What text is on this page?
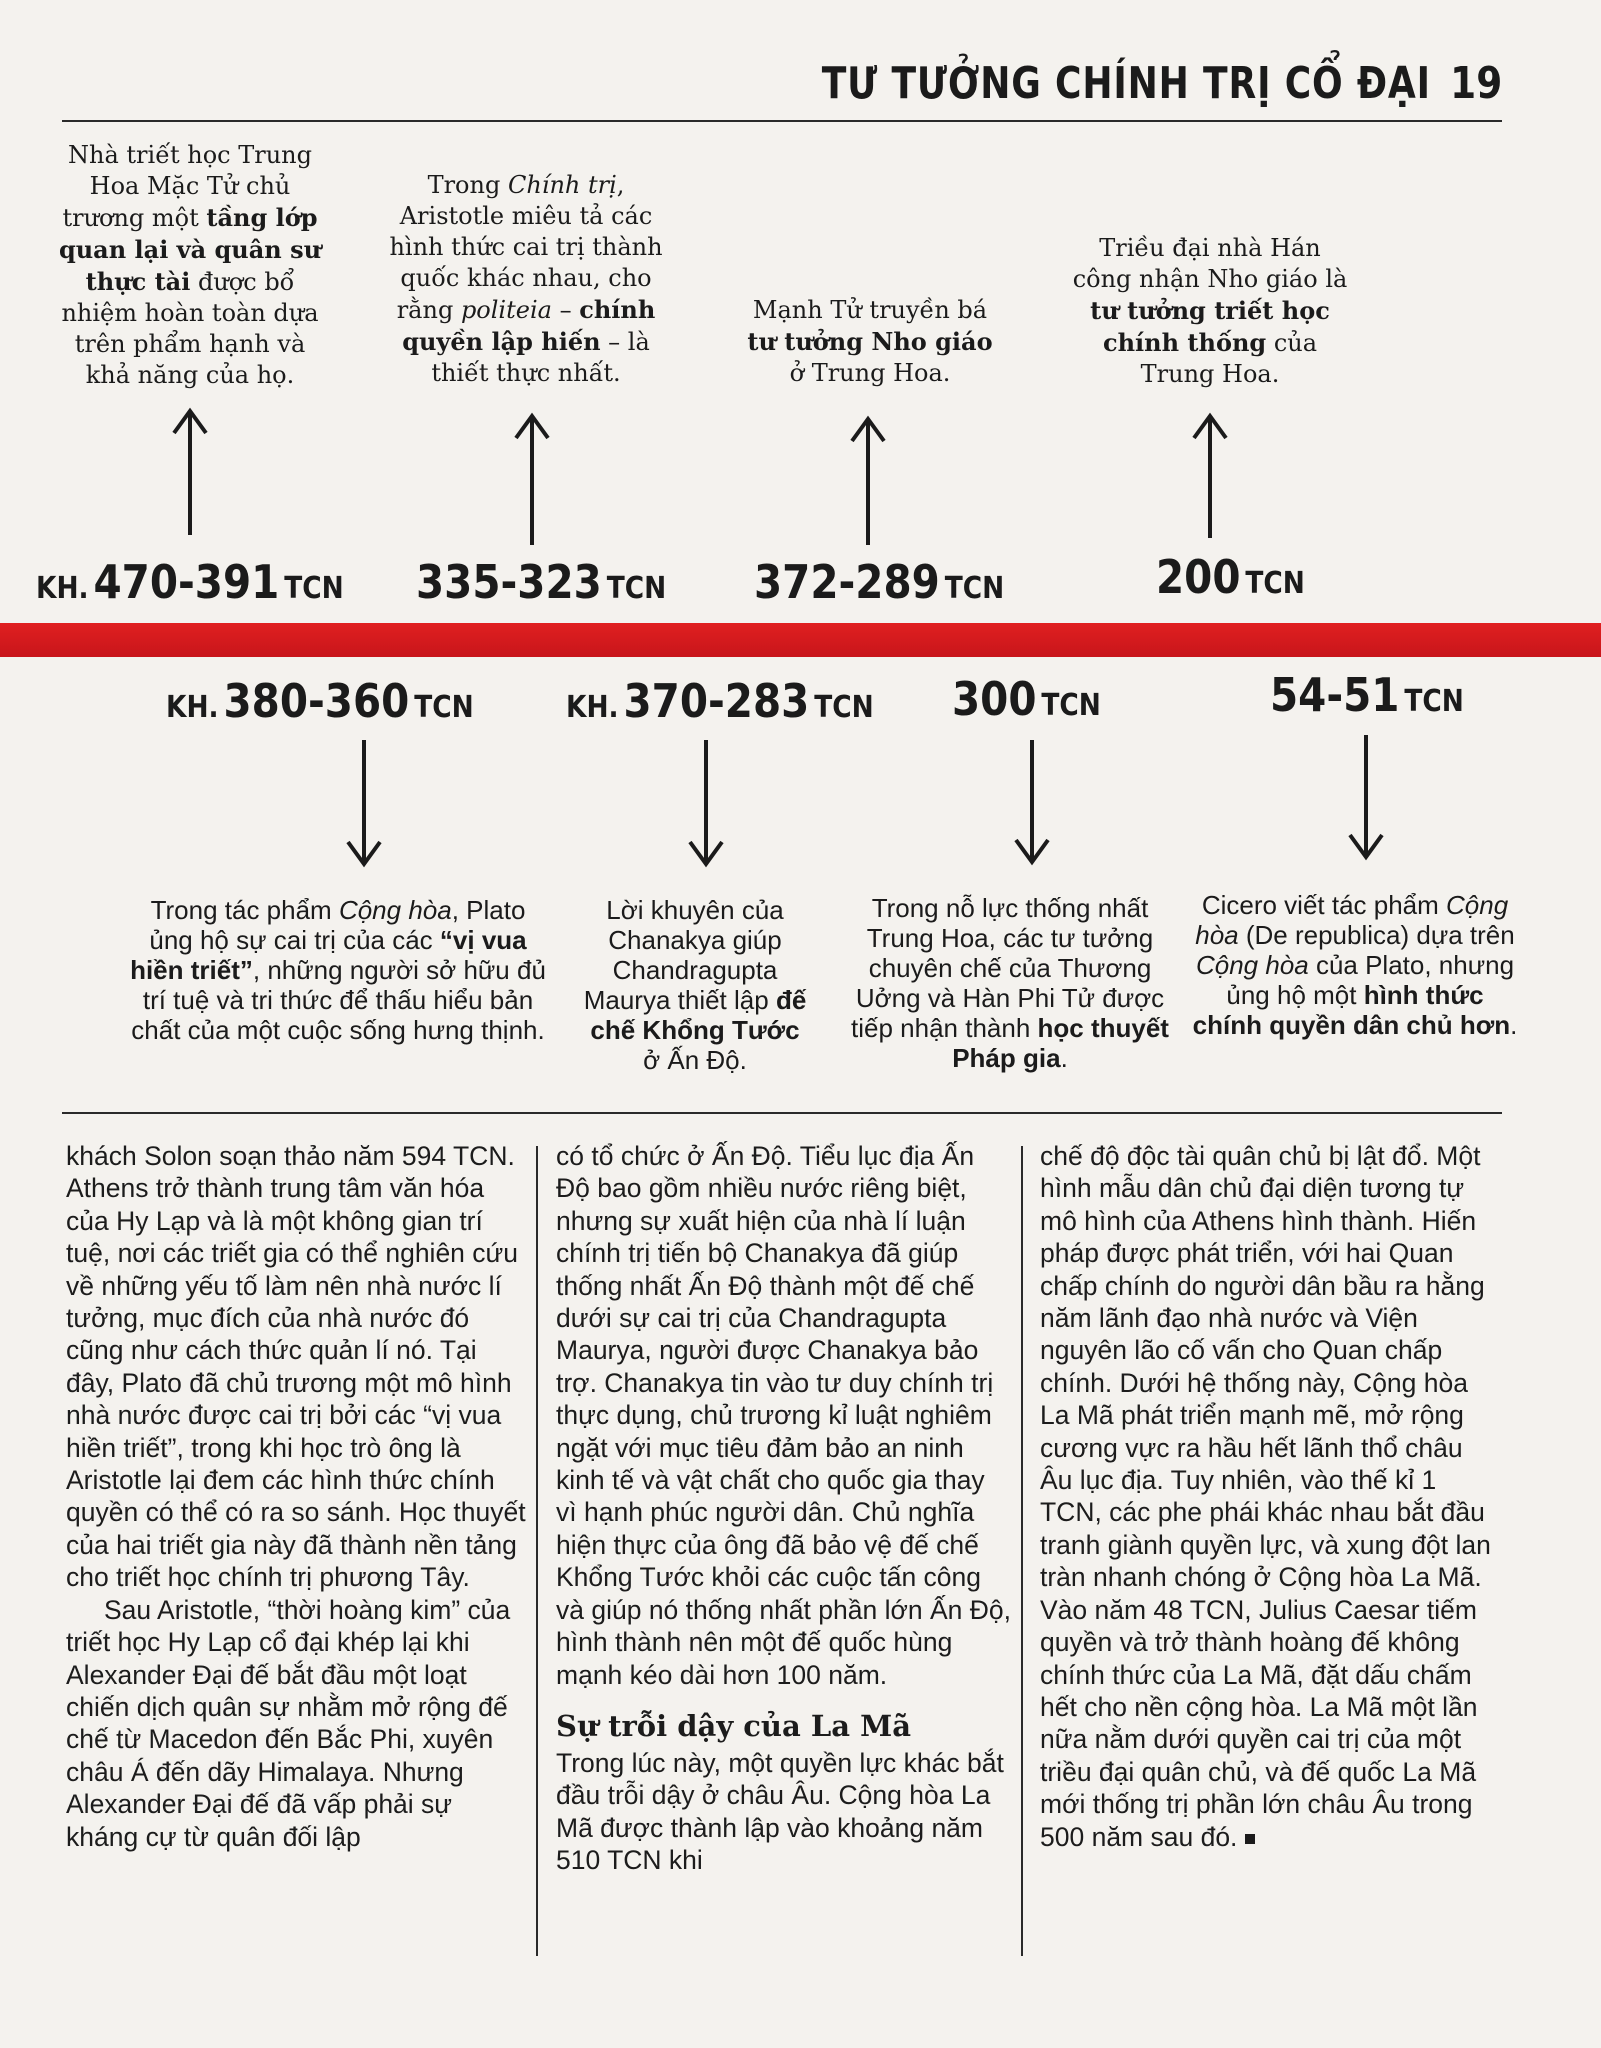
TƯ TƯỞNG CHÍNH TRỊ CỔ ĐẠI 19
Nhà triết học Trung Hoa Mặc Tử chủ trương một tầng lớp quan lại và quân sư thực tài được bổ nhiệm hoàn toàn dựa trên phẩm hạnh và khả năng của họ.
Trong Chính trị, Aristotle miêu tả các hình thức cai trị thành quốc khác nhau, cho rằng politeia – chính quyền lập hiến – là thiết thực nhất.
Mạnh Tử truyền bá tư tưởng Nho giáo ở Trung Hoa.
Triều đại nhà Hán công nhận Nho giáo là tư tưởng triết học chính thống của Trung Hoa.
KH. 470-391 TCN 335-323 TCN 372-289 TCN	200 TCN
KH. 380-360 TCN	KH. 370-283 TCN 300 TCN	54-51 TCN
Trong tác phẩm Cộng hòa, Plato ủng hộ sự cai trị của các “vị vua hiền triết”, những người sở hữu đủ trí tuệ và tri thức để thấu hiểu bản chất của một cuộc sống hưng thịnh.
Lời khuyên của Chanakya giúp Chandragupta Maurya thiết lập đế chế Khổng Tước ở Ấn Độ.
Trong nỗ lực thống nhất Trung Hoa, các tư tưởng chuyên chế của Thương Uởng và Hàn Phi Tử được tiếp nhận thành học thuyết Pháp gia.
Cicero viết tác phẩm Cộng hòa (De republica) dựa trên Cộng hòa của Plato, nhưng ủng hộ một hình thức chính quyền dân chủ hơn.

khách Solon soạn thảo năm 594 TCN. Athens trở thành trung tâm văn hóa của Hy Lạp và là một không gian trí tuệ, nơi các triết gia có thể nghiên cứu về những yếu tố làm nên nhà nước lí tưởng, mục đích của nhà nước đó cũng như cách thức quản lí nó. Tại đây, Plato đã chủ trương một mô hình nhà nước được cai trị bởi các “vị vua hiền triết”, trong khi học trò ông là Aristotle lại đem các hình thức chính quyền có thể có ra so sánh. Học thuyết của hai triết gia này đã thành nền tảng cho triết học chính trị phương Tây.

Sau Aristotle, “thời hoàng kim” của triết học Hy Lạp cổ đại khép lại khi Alexander Đại đế bắt đầu một loạt chiến dịch quân sự nhằm mở rộng đế chế từ Macedon đến Bắc Phi, xuyên châu Á đến dãy Himalaya. Nhưng Alexander Đại đế đã vấp phải sự kháng cự từ quân đối lập

có tổ chức ở Ấn Độ. Tiểu lục địa Ấn Độ bao gồm nhiều nước riêng biệt, nhưng sự xuất hiện của nhà lí luận chính trị tiến bộ Chanakya đã giúp thống nhất Ấn Độ thành một đế chế dưới sự cai trị của Chandragupta Maurya, người được Chanakya bảo trợ. Chanakya tin vào tư duy chính trị thực dụng, chủ trương kỉ luật nghiêm ngặt với mục tiêu đảm bảo an ninh kinh tế và vật chất cho quốc gia thay vì hạnh phúc người dân. Chủ nghĩa hiện thực của ông đã bảo vệ đế chế Khổng Tước khỏi các cuộc tấn công và giúp nó thống nhất phần lớn Ấn Độ, hình thành nên một đế quốc hùng mạnh kéo dài hơn 100 năm.

Sự trỗi dậy của La Mã

Trong lúc này, một quyền lực khác bắt đầu trỗi dậy ở châu Âu. Cộng hòa La Mã được thành lập vào khoảng năm 510 TCN khi

chế độ độc tài quân chủ bị lật đổ. Một hình mẫu dân chủ đại diện tương tự mô hình của Athens hình thành. Hiến pháp được phát triển, với hai Quan chấp chính do người dân bầu ra hằng năm lãnh đạo nhà nước và Viện nguyên lão cố vấn cho Quan chấp chính. Dưới hệ thống này, Cộng hòa La Mã phát triển mạnh mẽ, mở rộng cương vực ra hầu hết lãnh thổ châu Âu lục địa. Tuy nhiên, vào thế kỉ 1 TCN, các phe phái khác nhau bắt đầu tranh giành quyền lực, và xung đột lan tràn nhanh chóng ở Cộng hòa La Mã. Vào năm 48 TCN, Julius Caesar tiếm quyền và trở thành hoàng đế không chính thức của La Mã, đặt dấu chấm hết cho nền cộng hòa. La Mã một lần nữa nằm dưới quyền cai trị của một triều đại quân chủ, và đế quốc La Mã mới thống trị phần lớn châu Âu trong 500 năm sau đó.
